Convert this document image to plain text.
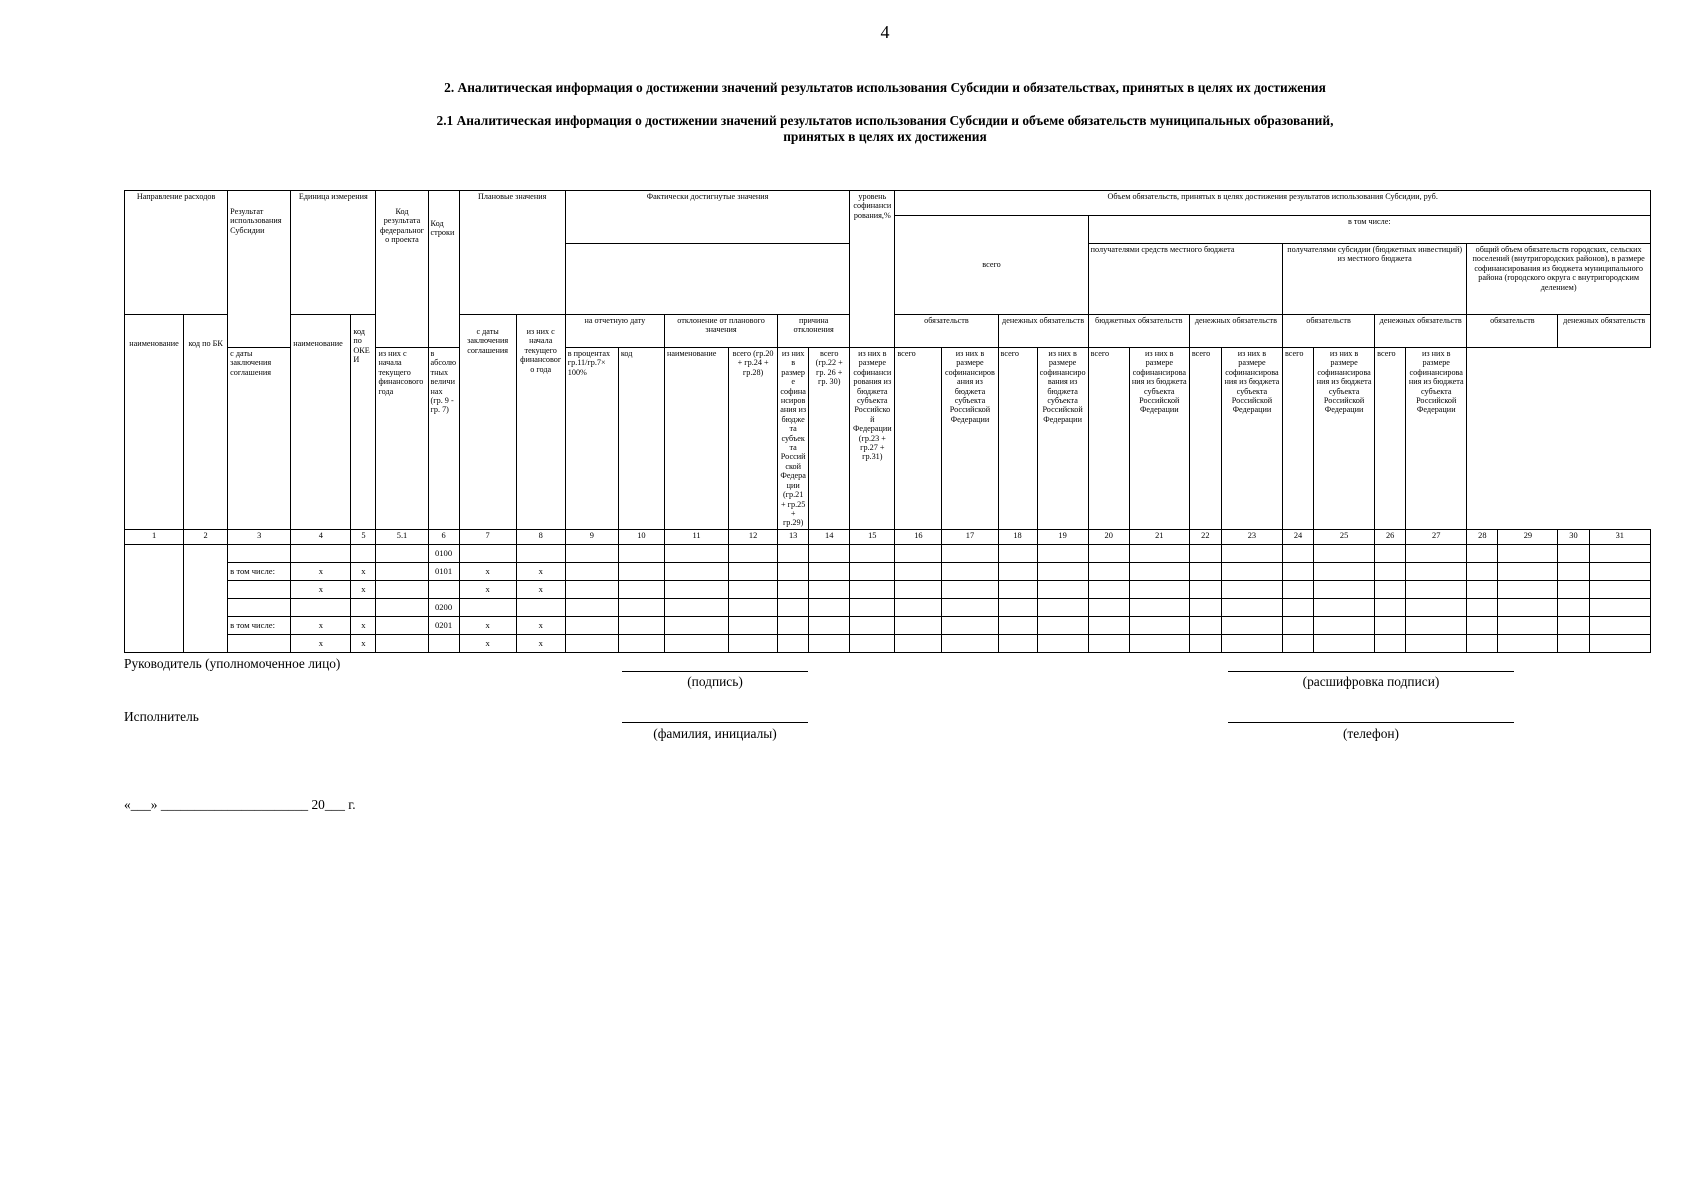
4
2. Аналитическая информация о достижении значений результатов использования Субсидии и обязательствах, принятых в целях их достижения
2.1 Аналитическая информация о достижении значений результатов использования Субсидии и объеме обязательств муниципальных образований,
принятых в целях их достижения
Направление расходов		Результат использования Субсидии	Единица измерения		Код результата федерального проекта	Код строки	Плановые значения		Фактически достигнутые значения						уровень софинансирования,%	Объем обязательств, принятых в целях достижения результатов использования Субсидии, руб.															
																всего				в том числе:											
																				получателями средств местного бюджета				получателями субсидии (бюджетных инвестиций) из местного бюджета				общий объем обязательств городских, сельских поселений (внутригородских районов), в размере софинансирования из бюджета муниципального района (городского округа с внутригородским делением)			
наименование	код по БК		наименование	код по ОКЕИ			с даты заключения соглашения	из них с начала текущего финансового года	на отчетную дату		отклонение от планового значения		причина отклонения			обязательств		денежных обязательств		бюджетных обязательств		денежных обязательств		обязательств		денежных обязательств		обязательств		денежных обязательств	
		с даты заключения соглашения			из них с начала текущего финансового года	в абсолютных величинах (гр. 9 - гр. 7)			в процентах гр.11/гр.7× 100%	код	наименование	всего (гр.20 + гр.24 + гр.28)	из них в размере софинансирования из бюджета субъекта Российской Федерации (гр.21 + гр.25 + гр.29)	всего (гр.22 + гр. 26 + гр. 30)	из них в размере софинансирования из бюджета субъекта Российской Федерации (гр.23 + гр.27 + гр.31)	всего	из них в размере софинансирования из бюджета субъекта Российской Федерации	всего	из них в размере софинансирования из бюджета субъекта Российской Федерации	всего	из них в размере софинансирования из бюджета субъекта Российской Федерации	всего	из них в размере софинансирования из бюджета субъекта Российской Федерации	всего	из них в размере софинансирования из бюджета субъекта Российской Федерации	всего	из них в размере софинансирования из бюджета субъекта Российской Федерации				
1	2	3	4	5	5.1	6	7	8	9	10	11	12	13	14	15	16	17	18	19	20	21	22	23	24	25	26	27	28	29	30	31
						0100																									
		в том числе:	x	x		0101	x	x																							
			x	x			x	x																							
						0200																									
		в том числе:	x	x		0201	x	x																							
			x	x			x	x																							
Руководитель (уполномоченное лицо)
(подпись)	(расшифровка подписи)
Исполнитель
(фамилия, инициалы)	(телефон)
«___» ______________________ 20___ г.
